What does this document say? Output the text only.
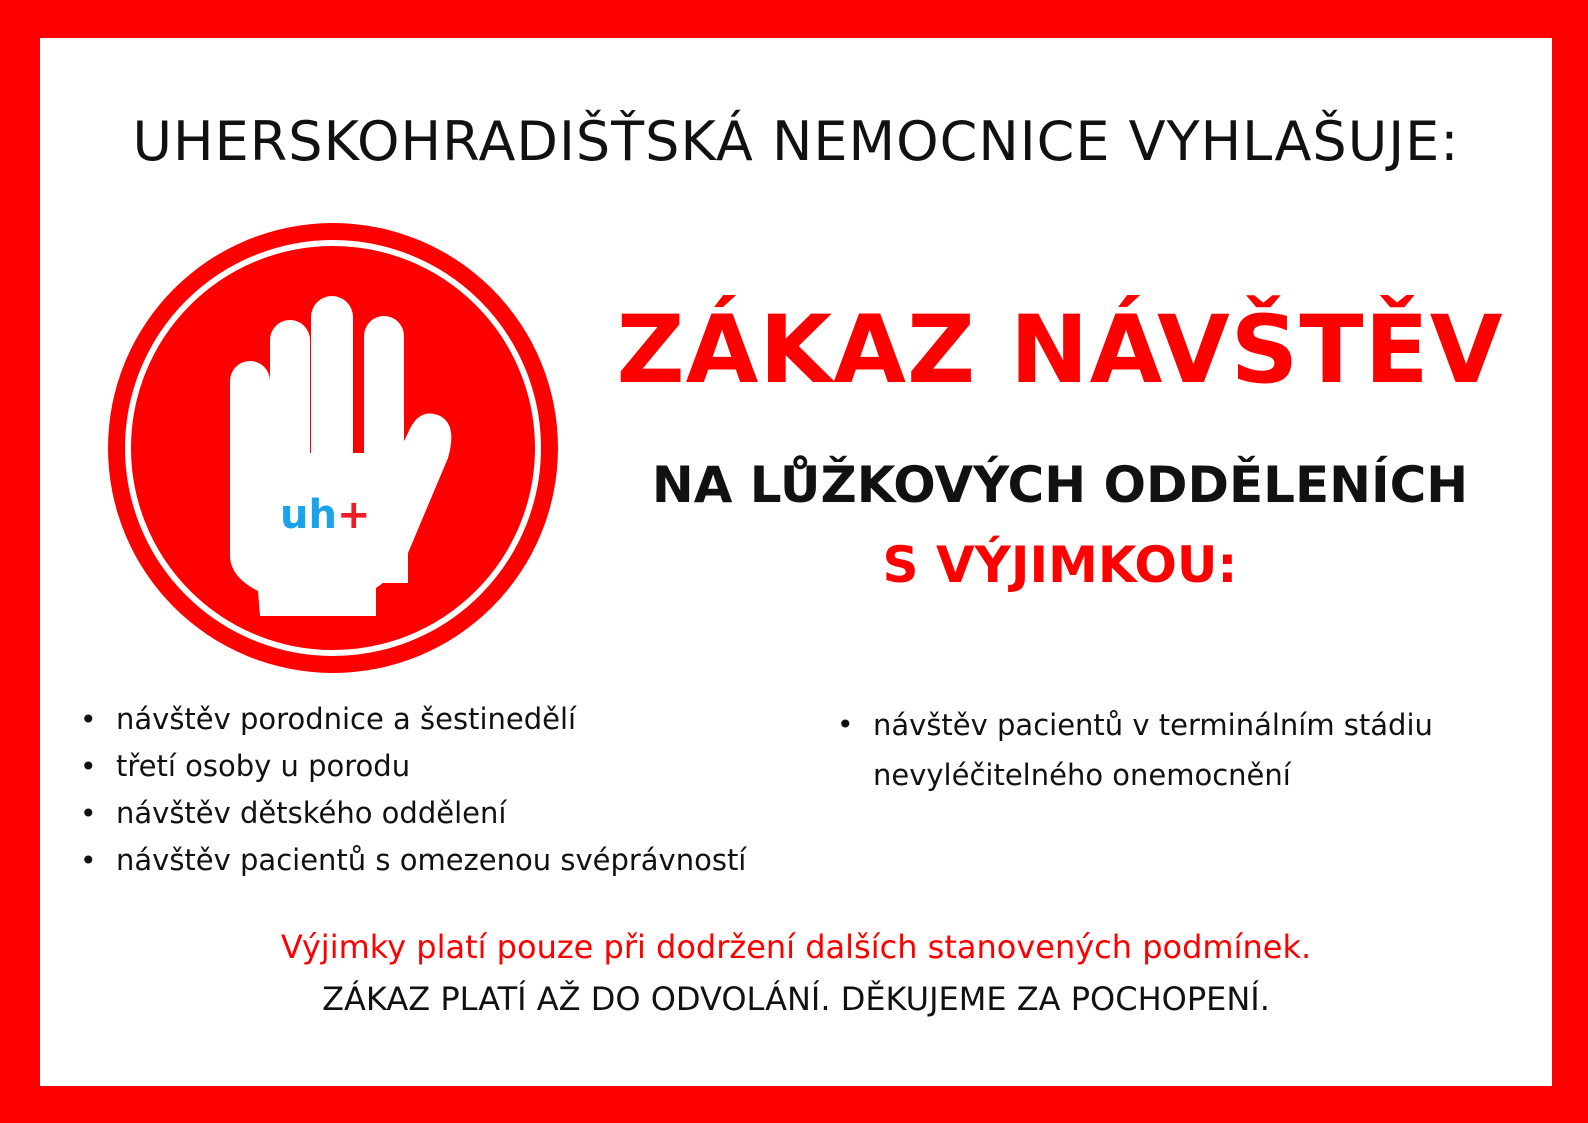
UHERSKOHRADIŠŤSKÁ NEMOCNICE VYHLAŠUJE:
uh+
ZÁKAZ NÁVŠTĚV
NA LŮŽKOVÝCH ODDĚLENÍCH
S VÝJIMKOU:
• návštěv porodnice a šestinedělí
• třetí osoby u porodu
• návštěv dětského oddělení
• návštěv pacientů s omezenou svéprávností
• návštěv pacientů v terminálním stádiu nevyléčitelného onemocnění
Výjimky platí pouze při dodržení dalších stanovených podmínek.
ZÁKAZ PLATÍ AŽ DO ODVOLÁNÍ. DĚKUJEME ZA POCHOPENÍ.
